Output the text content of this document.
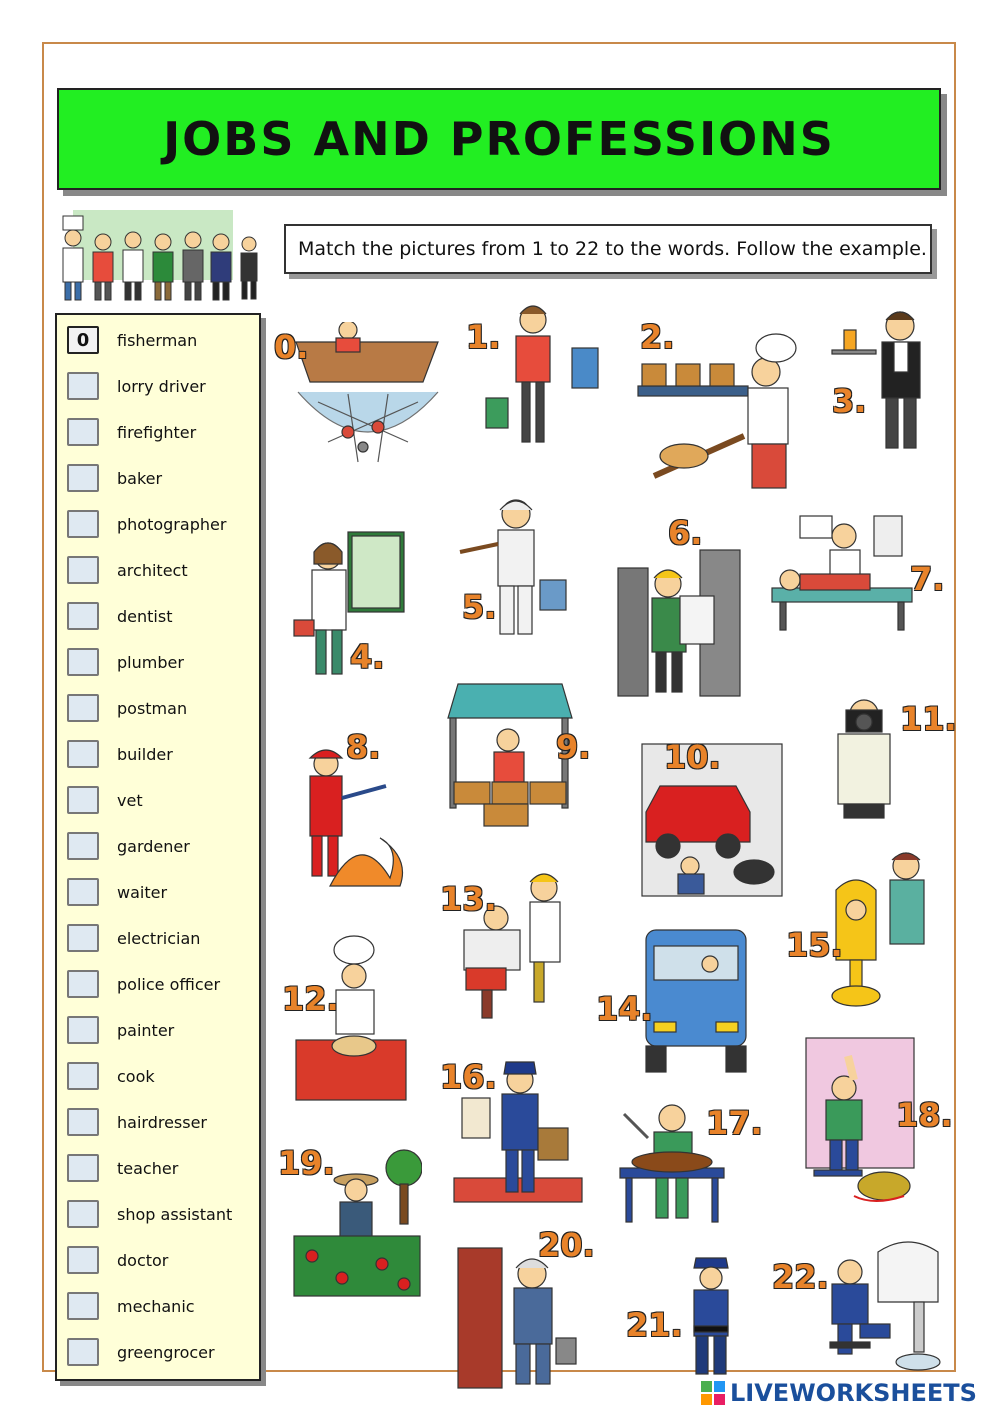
JOBS AND PROFESSIONS
Match the pictures from 1 to 22 to the words. Follow the example.
0	fisherman
lorry driver
firefighter
baker
photographer
architect
dentist
plumber
postman
builder
vet
gardener
waiter
electrician
police officer
painter
cook
hairdresser
teacher
shop assistant
doctor
mechanic
greengrocer
0.	1.	2.
3.
4.
5.
6.
7.
8.	9. 10.
11.
12.
13.
14.
15.
16.
17.	18.
19.
20.
21.
22.
LIVEWORKSHEETS
